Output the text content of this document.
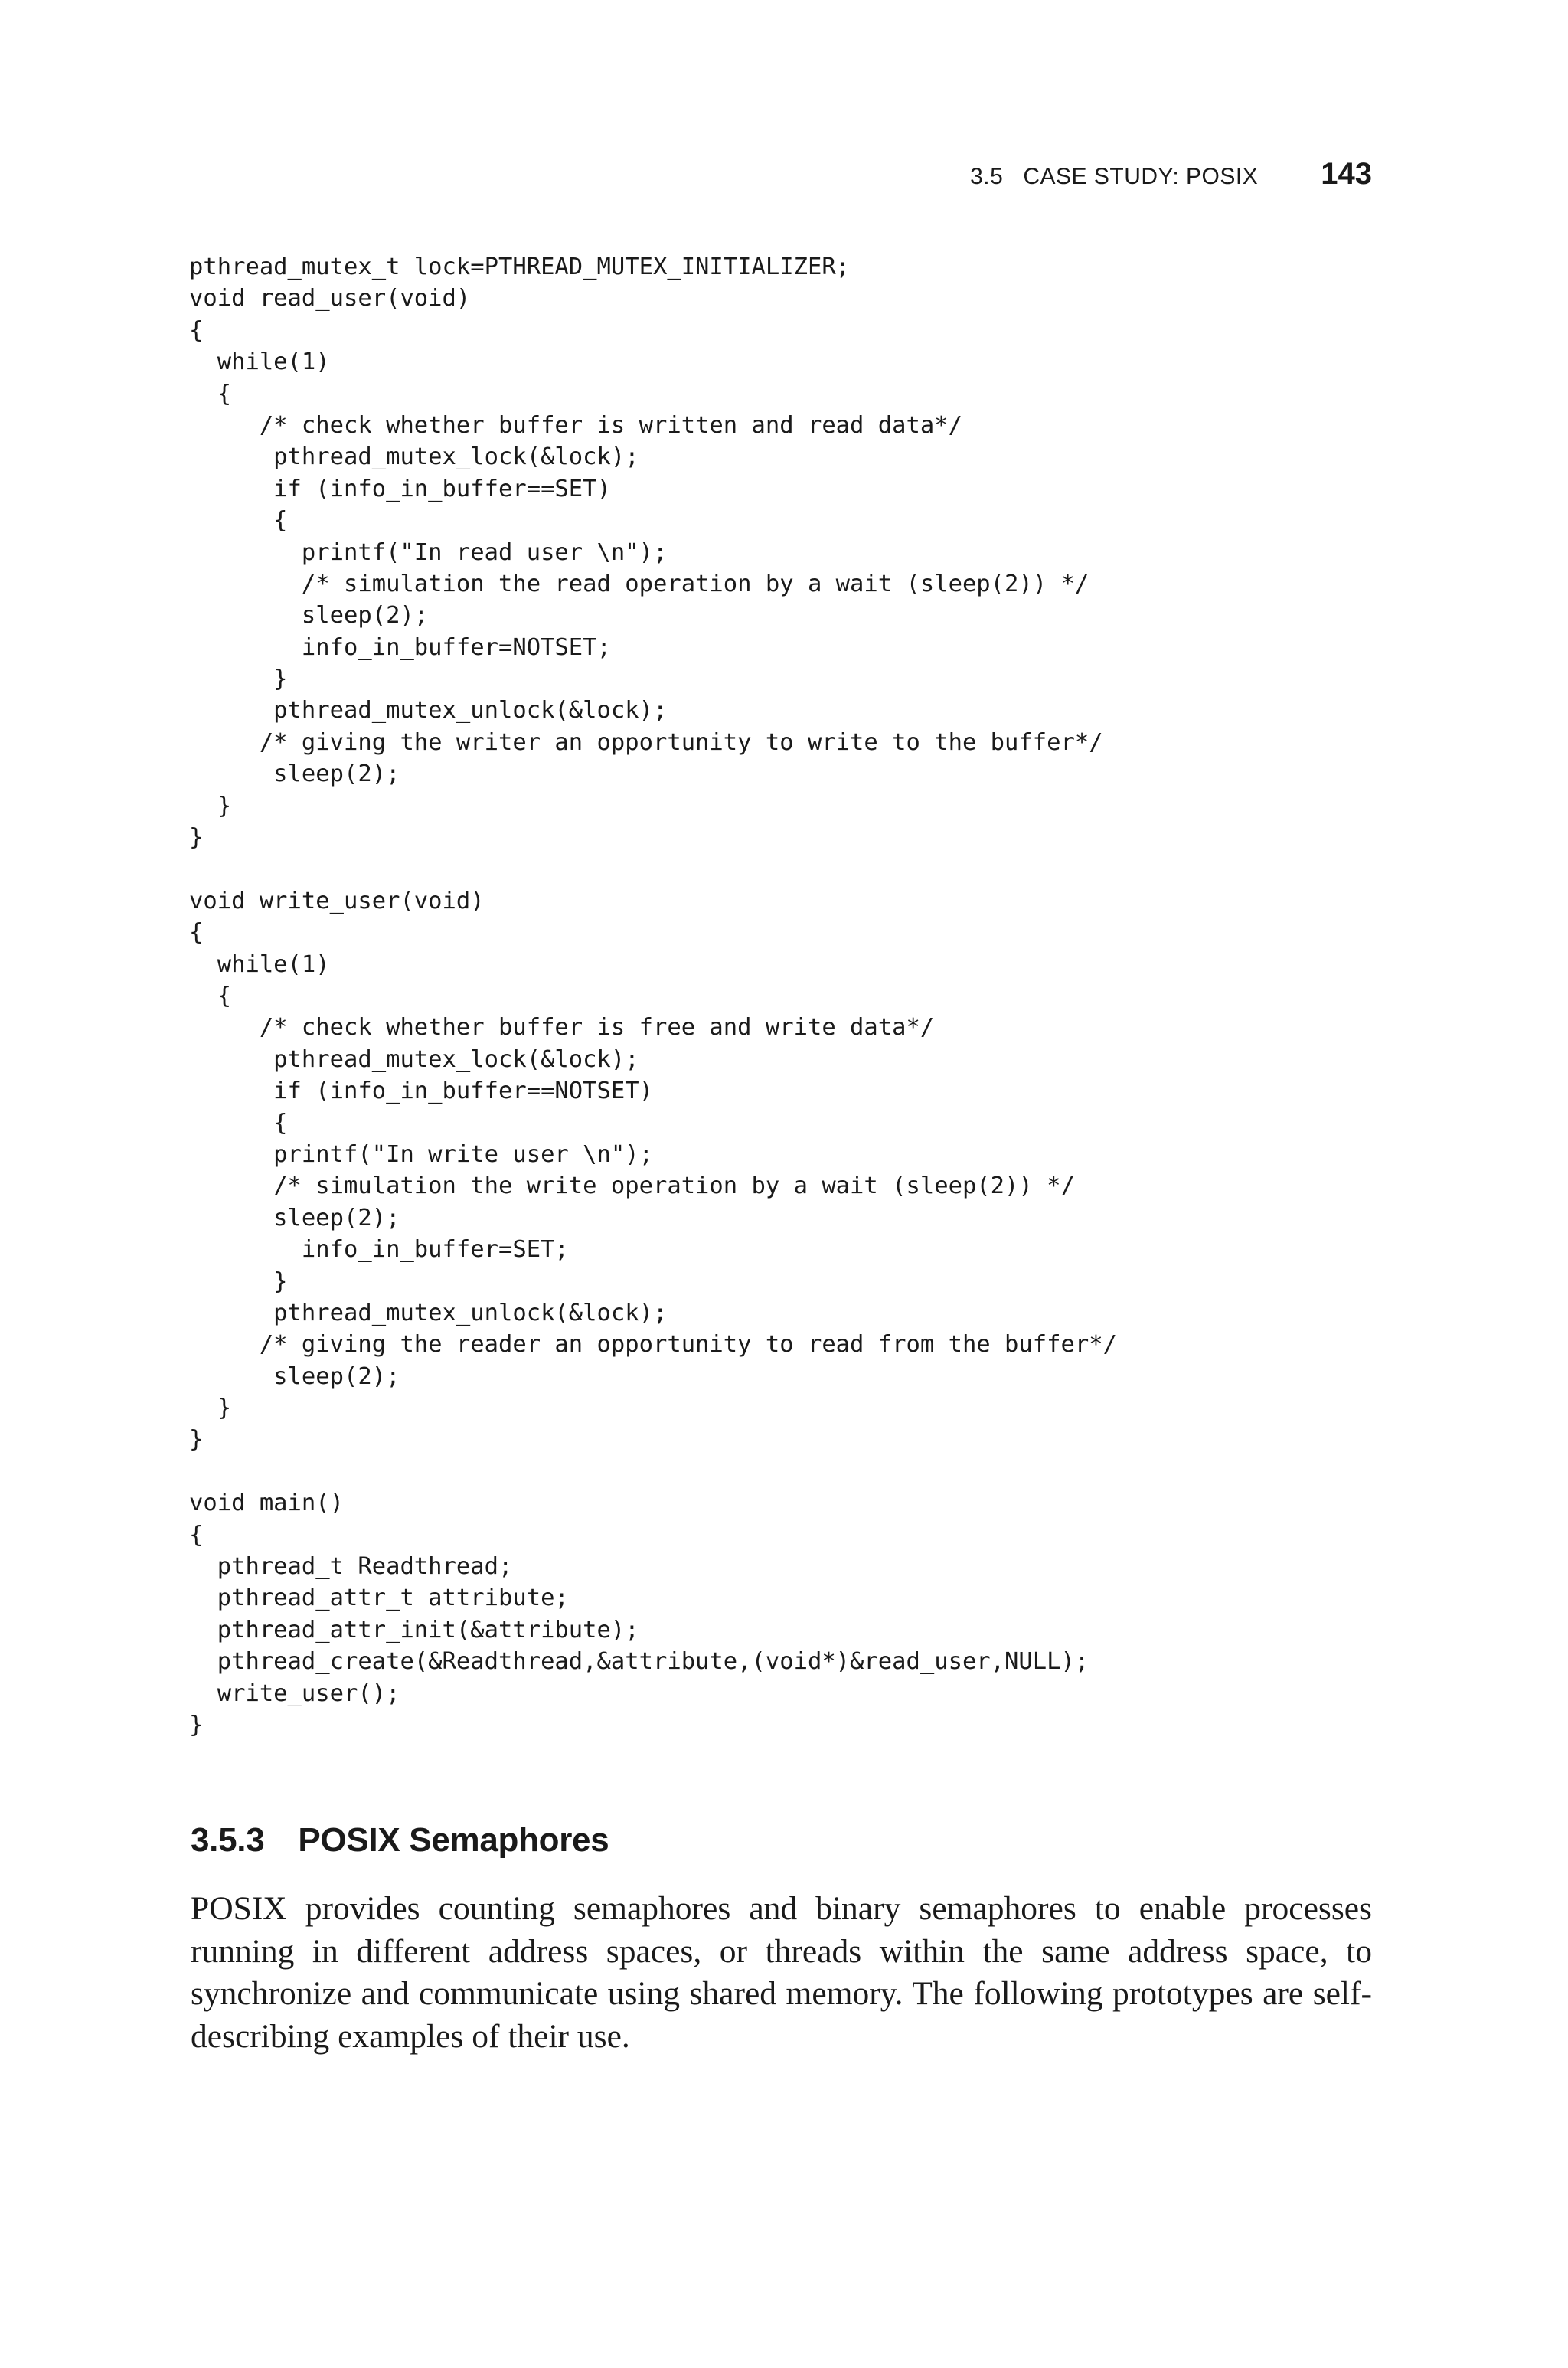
3.5 CASE STUDY: POSIX 143
pthread_mutex_t lock=PTHREAD_MUTEX_INITIALIZER;
void read_user(void)
{
while(1)
{
/* check whether buffer is written and read data*/
pthread_mutex_lock(&lock);
if (info_in_buffer==SET)
{
printf("In read user \n");
/* simulation the read operation by a wait (sleep(2)) */
sleep(2);
info_in_buffer=NOTSET;
}
pthread_mutex_unlock(&lock);
/* giving the writer an opportunity to write to the buffer*/
sleep(2);
}
}
void write_user(void)
{
while(1)
{
/* check whether buffer is free and write data*/
pthread_mutex_lock(&lock);
if (info_in_buffer==NOTSET)
{
printf("In write user \n");
/* simulation the write operation by a wait (sleep(2)) */
sleep(2);
info_in_buffer=SET;
}
pthread_mutex_unlock(&lock);
/* giving the reader an opportunity to read from the buffer*/
sleep(2);
}
}
void main()
{
pthread_t Readthread;
pthread_attr_t attribute;
pthread_attr_init(&attribute);
pthread_create(&Readthread,&attribute,(void*)&read_user,NULL);
write_user();
}
3.5.3 POSIX Semaphores

POSIX provides counting semaphores and binary semaphores to enable processes running in different address spaces, or threads within the same address space, to synchronize and communicate using shared memory. The following prototypes are self-describing examples of their use.
